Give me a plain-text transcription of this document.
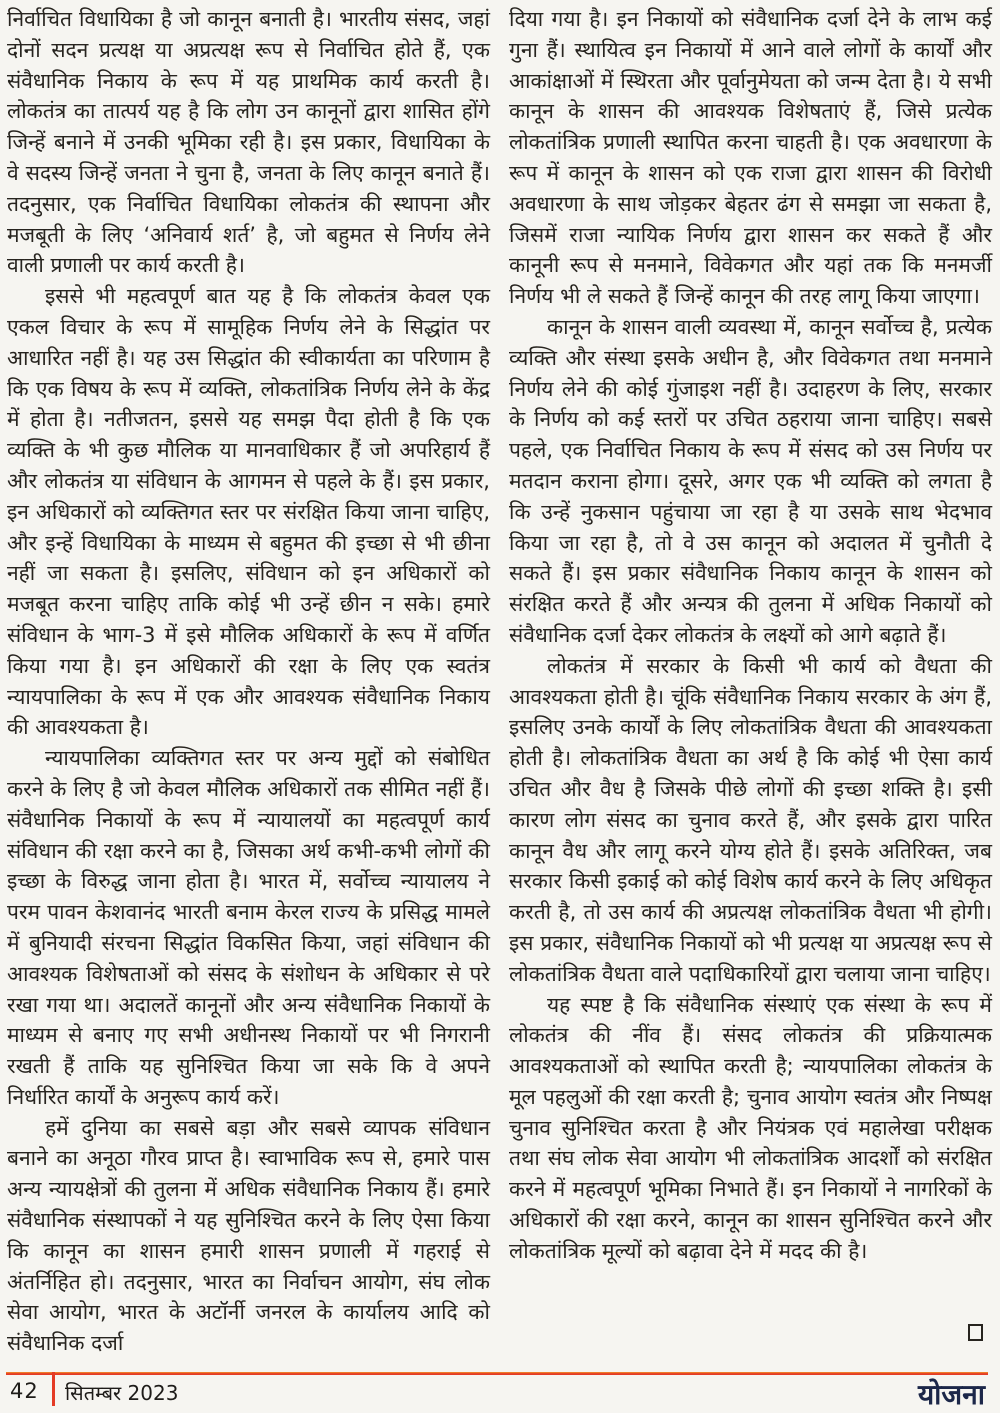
निर्वाचित विधायिका है जो कानून बनाती है। भारतीय संसद, जहां दोनों सदन प्रत्यक्ष या अप्रत्यक्ष रूप से निर्वाचित होते हैं, एक संवैधानिक निकाय के रूप में यह प्राथमिक कार्य करती है। लोकतंत्र का तात्पर्य यह है कि लोग उन कानूनों द्वारा शासित होंगे जिन्हें बनाने में उनकी भूमिका रही है। इस प्रकार, विधायिका के वे सदस्य जिन्हें जनता ने चुना है, जनता के लिए कानून बनाते हैं। तदनुसार, एक निर्वाचित विधायिका लोकतंत्र की स्थापना और मजबूती के लिए ‘अनिवार्य शर्त’ है, जो बहुमत से निर्णय लेने वाली प्रणाली पर कार्य करती है।

इससे भी महत्वपूर्ण बात यह है कि लोकतंत्र केवल एक एकल विचार के रूप में सामूहिक निर्णय लेने के सिद्धांत पर आधारित नहीं है। यह उस सिद्धांत की स्वीकार्यता का परिणाम है कि एक विषय के रूप में व्यक्ति, लोकतांत्रिक निर्णय लेने के केंद्र में होता है। नतीजतन, इससे यह समझ पैदा होती है कि एक व्यक्ति के भी कुछ मौलिक या मानवाधिकार हैं जो अपरिहार्य हैं और लोकतंत्र या संविधान के आगमन से पहले के हैं। इस प्रकार, इन अधिकारों को व्यक्तिगत स्तर पर संरक्षित किया जाना चाहिए, और इन्हें विधायिका के माध्यम से बहुमत की इच्छा से भी छीना नहीं जा सकता है। इसलिए, संविधान को इन अधिकारों को मजबूत करना चाहिए ताकि कोई भी उन्हें छीन न सके। हमारे संविधान के भाग-3 में इसे मौलिक अधिकारों के रूप में वर्णित किया गया है। इन अधिकारों की रक्षा के लिए एक स्वतंत्र न्यायपालिका के रूप में एक और आवश्यक संवैधानिक निकाय की आवश्यकता है।

न्यायपालिका व्यक्तिगत स्तर पर अन्य मुद्दों को संबोधित करने के लिए है जो केवल मौलिक अधिकारों तक सीमित नहीं हैं। संवैधानिक निकायों के रूप में न्यायालयों का महत्वपूर्ण कार्य संविधान की रक्षा करने का है, जिसका अर्थ कभी-कभी लोगों की इच्छा के विरुद्ध जाना होता है। भारत में, सर्वोच्च न्यायालय ने परम पावन केशवानंद भारती बनाम केरल राज्य के प्रसिद्ध मामले में बुनियादी संरचना सिद्धांत विकसित किया, जहां संविधान की आवश्यक विशेषताओं को संसद के संशोधन के अधिकार से परे रखा गया था। अदालतें कानूनों और अन्य संवैधानिक निकायों के माध्यम से बनाए गए सभी अधीनस्थ निकायों पर भी निगरानी रखती हैं ताकि यह सुनिश्चित किया जा सके कि वे अपने निर्धारित कार्यों के अनुरूप कार्य करें।

हमें दुनिया का सबसे बड़ा और सबसे व्यापक संविधान बनाने का अनूठा गौरव प्राप्त है। स्वाभाविक रूप से, हमारे पास अन्य न्यायक्षेत्रों की तुलना में अधिक संवैधानिक निकाय हैं। हमारे संवैधानिक संस्थापकों ने यह सुनिश्चित करने के लिए ऐसा किया कि कानून का शासन हमारी शासन प्रणाली में गहराई से अंतर्निहित हो। तदनुसार, भारत का निर्वाचन आयोग, संघ लोक सेवा आयोग, भारत के अटॉर्नी जनरल के कार्यालय आदि को संवैधानिक दर्जा

दिया गया है। इन निकायों को संवैधानिक दर्जा देने के लाभ कई गुना हैं। स्थायित्व इन निकायों में आने वाले लोगों के कार्यों और आकांक्षाओं में स्थिरता और पूर्वानुमेयता को जन्म देता है। ये सभी कानून के शासन की आवश्यक विशेषताएं हैं, जिसे प्रत्येक लोकतांत्रिक प्रणाली स्थापित करना चाहती है। एक अवधारणा के रूप में कानून के शासन को एक राजा द्वारा शासन की विरोधी अवधारणा के साथ जोड़कर बेहतर ढंग से समझा जा सकता है, जिसमें राजा न्यायिक निर्णय द्वारा शासन कर सकते हैं और कानूनी रूप से मनमाने, विवेकगत और यहां तक कि मनमर्जी निर्णय भी ले सकते हैं जिन्हें कानून की तरह लागू किया जाएगा।

कानून के शासन वाली व्यवस्था में, कानून सर्वोच्च है, प्रत्येक व्यक्ति और संस्था इसके अधीन है, और विवेकगत तथा मनमाने निर्णय लेने की कोई गुंजाइश नहीं है। उदाहरण के लिए, सरकार के निर्णय को कई स्तरों पर उचित ठहराया जाना चाहिए। सबसे पहले, एक निर्वाचित निकाय के रूप में संसद को उस निर्णय पर मतदान कराना होगा। दूसरे, अगर एक भी व्यक्ति को लगता है कि उन्हें नुकसान पहुंचाया जा रहा है या उसके साथ भेदभाव किया जा रहा है, तो वे उस कानून को अदालत में चुनौती दे सकते हैं। इस प्रकार संवैधानिक निकाय कानून के शासन को संरक्षित करते हैं और अन्यत्र की तुलना में अधिक निकायों को संवैधानिक दर्जा देकर लोकतंत्र के लक्ष्यों को आगे बढ़ाते हैं।

लोकतंत्र में सरकार के किसी भी कार्य को वैधता की आवश्यकता होती है। चूंकि संवैधानिक निकाय सरकार के अंग हैं, इसलिए उनके कार्यों के लिए लोकतांत्रिक वैधता की आवश्यकता होती है। लोकतांत्रिक वैधता का अर्थ है कि कोई भी ऐसा कार्य उचित और वैध है जिसके पीछे लोगों की इच्छा शक्ति है। इसी कारण लोग संसद का चुनाव करते हैं, और इसके द्वारा पारित कानून वैध और लागू करने योग्य होते हैं। इसके अतिरिक्त, जब सरकार किसी इकाई को कोई विशेष कार्य करने के लिए अधिकृत करती है, तो उस कार्य की अप्रत्यक्ष लोकतांत्रिक वैधता भी होगी। इस प्रकार, संवैधानिक निकायों को भी प्रत्यक्ष या अप्रत्यक्ष रूप से लोकतांत्रिक वैधता वाले पदाधिकारियों द्वारा चलाया जाना चाहिए।

यह स्पष्ट है कि संवैधानिक संस्थाएं एक संस्था के रूप में लोकतंत्र की नींव हैं। संसद लोकतंत्र की प्रक्रियात्मक आवश्यकताओं को स्थापित करती है; न्यायपालिका लोकतंत्र के मूल पहलुओं की रक्षा करती है; चुनाव आयोग स्वतंत्र और निष्पक्ष चुनाव सुनिश्चित करता है और नियंत्रक एवं महालेखा परीक्षक तथा संघ लोक सेवा आयोग भी लोकतांत्रिक आदर्शों को संरक्षित करने में महत्वपूर्ण भूमिका निभाते हैं। इन निकायों ने नागरिकों के अधिकारों की रक्षा करने, कानून का शासन सुनिश्चित करने और लोकतांत्रिक मूल्यों को बढ़ावा देने में मदद की है।

42 सितम्बर 2023	योजना
